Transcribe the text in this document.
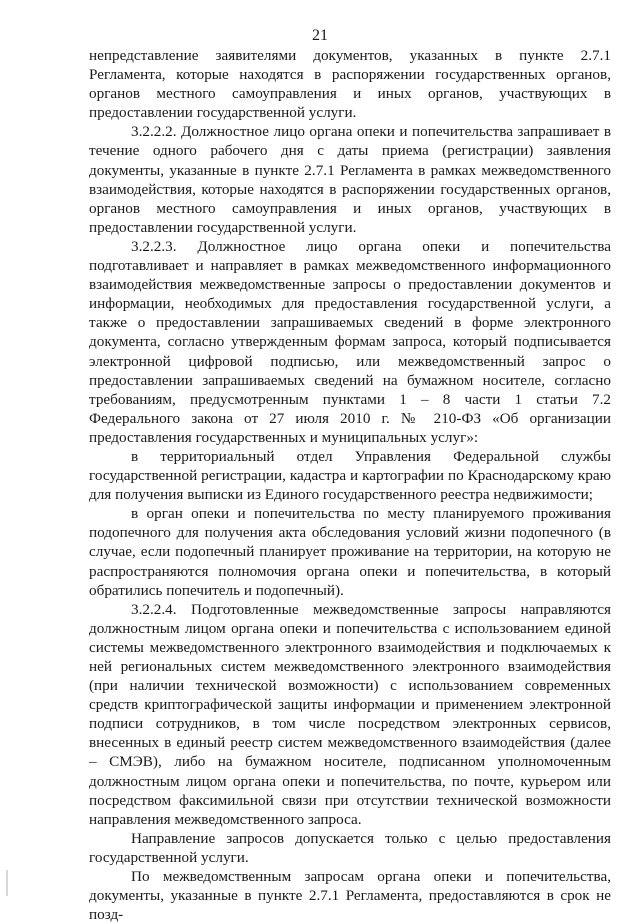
21

непредставление заявителями документов, указанных в пункте 2.7.1 Регламента, которые находятся в распоряжении государственных органов, органов местного самоуправления и иных органов, участвующих в предоставлении государственной услуги.

3.2.2.2. Должностное лицо органа опеки и попечительства запрашивает в течение одного рабочего дня с даты приема (регистрации) заявления документы, указанные в пункте 2.7.1 Регламента в рамках межведомственного взаимодействия, которые находятся в распоряжении государственных органов, органов местного самоуправления и иных органов, участвующих в предоставлении государственной услуги.

3.2.2.3. Должностное лицо органа опеки и попечительства подготавливает и направляет в рамках межведомственного информационного взаимодействия межведомственные запросы о предоставлении документов и информации, необходимых для предоставления государственной услуги, а также о предоставлении запрашиваемых сведений в форме электронного документа, согласно утвержденным формам запроса, который подписывается электронной цифровой подписью, или межведомственный запрос о предоставлении запрашиваемых сведений на бумажном носителе, согласно требованиям, предусмотренным пунктами 1 – 8 части 1 статьи 7.2 Федерального закона от 27 июля 2010 г. № 210-ФЗ «Об организации предоставления государственных и муниципальных услуг»:

в территориальный отдел Управления Федеральной службы государственной регистрации, кадастра и картографии по Краснодарскому краю для получения выписки из Единого государственного реестра недвижимости;

в орган опеки и попечительства по месту планируемого проживания подопечного для получения акта обследования условий жизни подопечного (в случае, если подопечный планирует проживание на территории, на которую не распространяются полномочия органа опеки и попечительства, в который обратились попечитель и подопечный).

3.2.2.4. Подготовленные межведомственные запросы направляются должностным лицом органа опеки и попечительства с использованием единой системы межведомственного электронного взаимодействия и подключаемых к ней региональных систем межведомственного электронного взаимодействия (при наличии технической возможности) с использованием современных средств криптографической защиты информации и применением электронной подписи сотрудников, в том числе посредством электронных сервисов, внесенных в единый реестр систем межведомственного взаимодействия (далее – СМЭВ), либо на бумажном носителе, подписанном уполномоченным должностным лицом органа опеки и попечительства, по почте, курьером или посредством факсимильной связи при отсутствии технической возможности направления межведомственного запроса.

Направление запросов допускается только с целью предоставления государственной услуги.

По межведомственным запросам органа опеки и попечительства, документы, указанные в пункте 2.7.1 Регламента, предоставляются в срок не позд-
